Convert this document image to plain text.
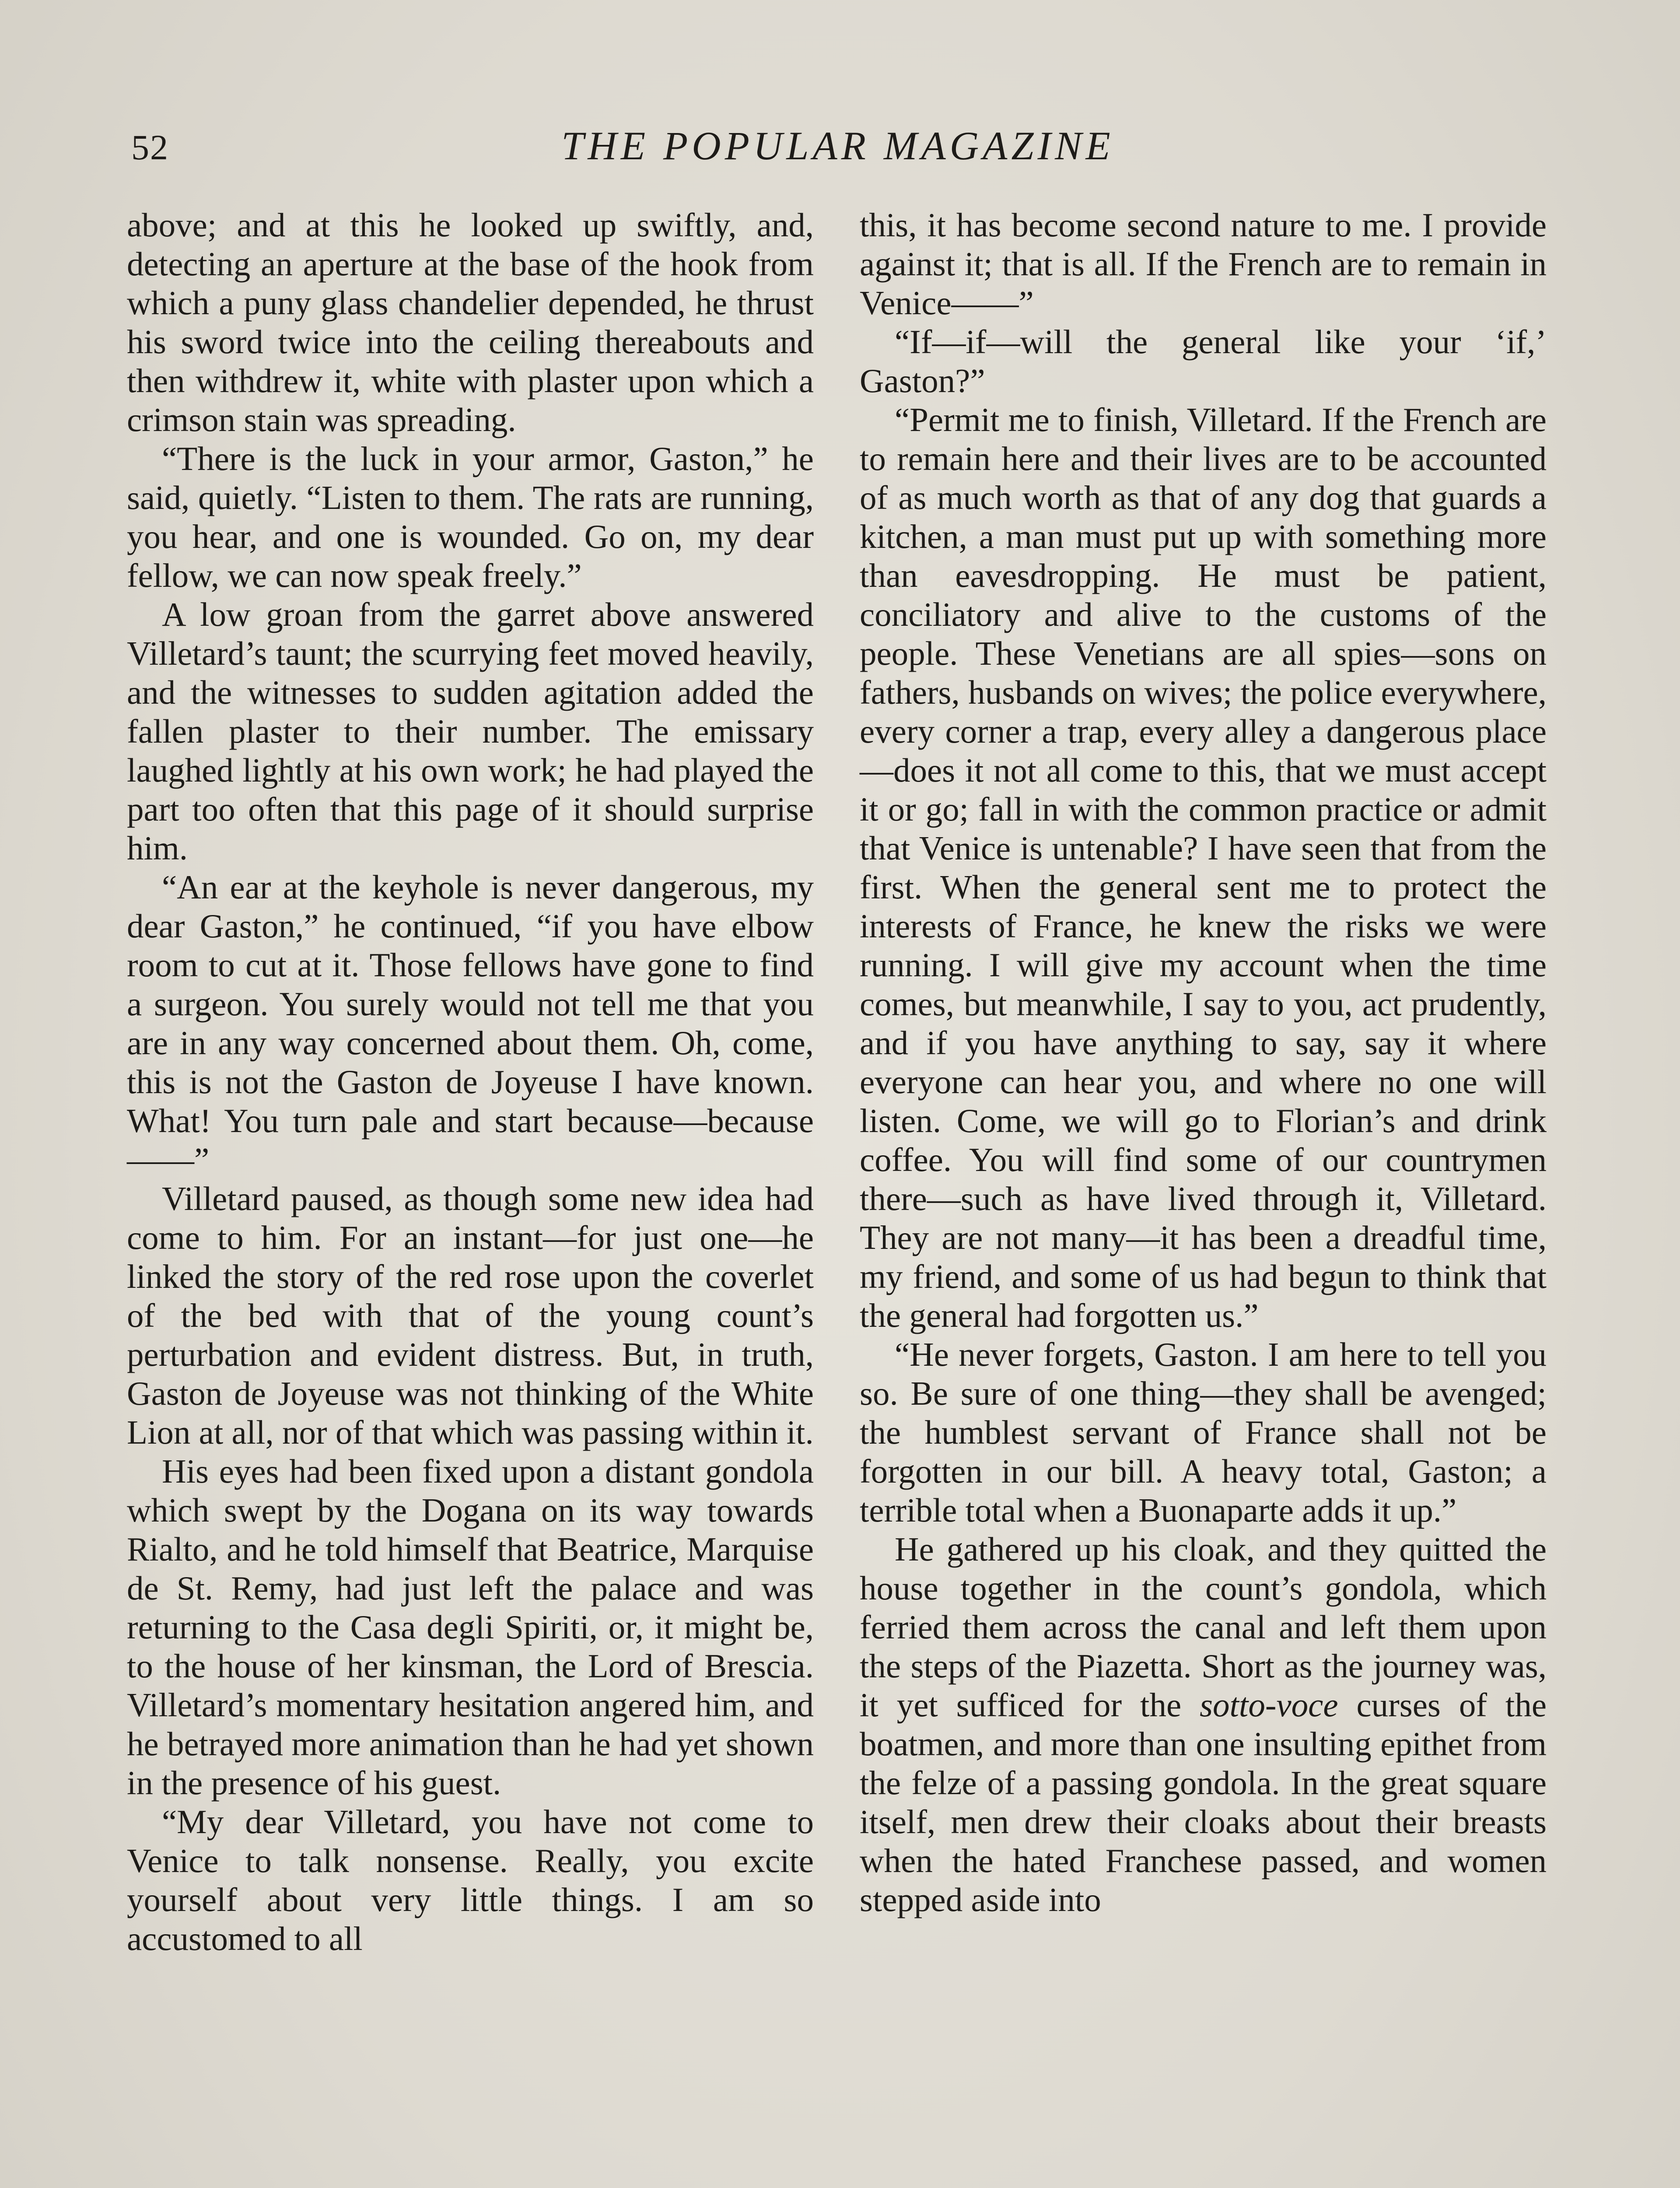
52	THE POPULAR MAGAZINE

above; and at this he looked up swiftly, and, detecting an aperture at the base of the hook from which a puny glass chandelier depended, he thrust his sword twice into the ceiling thereabouts and then withdrew it, white with plaster upon which a crimson stain was spreading.

“There is the luck in your armor, Gaston,” he said, quietly. “Listen to them. The rats are running, you hear, and one is wounded. Go on, my dear fellow, we can now speak freely.”

A low groan from the garret above answered Villetard’s taunt; the scurrying feet moved heavily, and the witnesses to sudden agitation added the fallen plaster to their number. The emissary laughed lightly at his own work; he had played the part too often that this page of it should surprise him.

“An ear at the keyhole is never dangerous, my dear Gaston,” he continued, “if you have elbow room to cut at it. Those fellows have gone to find a surgeon. You surely would not tell me that you are in any way concerned about them. Oh, come, this is not the Gaston de Joyeuse I have known. What! You turn pale and start because—because——”

Villetard paused, as though some new idea had come to him. For an instant—for just one—he linked the story of the red rose upon the coverlet of the bed with that of the young count’s perturbation and evident distress. But, in truth, Gaston de Joyeuse was not thinking of the White Lion at all, nor of that which was passing within it.

His eyes had been fixed upon a distant gondola which swept by the Dogana on its way towards Rialto, and he told himself that Beatrice, Marquise de St. Remy, had just left the palace and was returning to the Casa degli Spiriti, or, it might be, to the house of her kinsman, the Lord of Brescia. Villetard’s momentary hesitation angered him, and he betrayed more animation than he had yet shown in the presence of his guest.

“My dear Villetard, you have not come to Venice to talk nonsense. Really, you excite yourself about very little things. I am so accustomed to all

this, it has become second nature to me. I provide against it; that is all. If the French are to remain in Venice——”

“If—if—will the general like your ‘if,’ Gaston?”

“Permit me to finish, Villetard. If the French are to remain here and their lives are to be accounted of as much worth as that of any dog that guards a kitchen, a man must put up with something more than eavesdropping. He must be patient, conciliatory and alive to the customs of the people. These Venetians are all spies—sons on fathers, husbands on wives; the police everywhere, every corner a trap, every alley a dangerous place—does it not all come to this, that we must accept it or go; fall in with the common practice or admit that Venice is untenable? I have seen that from the first. When the general sent me to protect the interests of France, he knew the risks we were running. I will give my account when the time comes, but meanwhile, I say to you, act prudently, and if you have anything to say, say it where everyone can hear you, and where no one will listen. Come, we will go to Florian’s and drink coffee. You will find some of our countrymen there—such as have lived through it, Villetard. They are not many—it has been a dreadful time, my friend, and some of us had begun to think that the general had forgotten us.”

“He never forgets, Gaston. I am here to tell you so. Be sure of one thing—they shall be avenged; the humblest servant of France shall not be forgotten in our bill. A heavy total, Gaston; a terrible total when a Buonaparte adds it up.”

He gathered up his cloak, and they quitted the house together in the count’s gondola, which ferried them across the canal and left them upon the steps of the Piazetta. Short as the journey was, it yet sufficed for the sotto-voce curses of the boatmen, and more than one insulting epithet from the felze of a passing gondola. In the great square itself, men drew their cloaks about their breasts when the hated Franchese passed, and women stepped aside into
